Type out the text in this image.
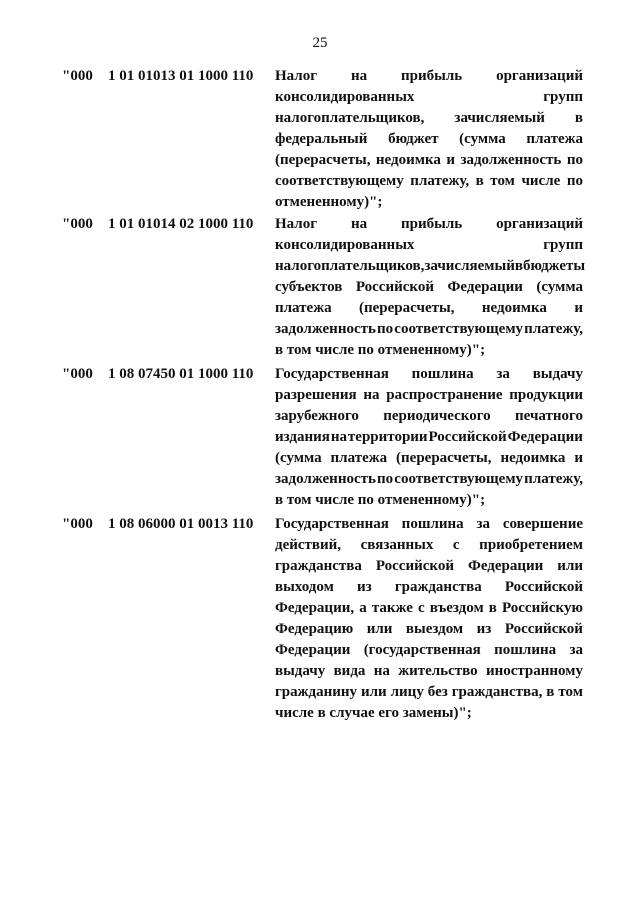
25
"000 1 01 01013 01 1000 110 Налог на прибыль организаций
консолидированных	групп
налогоплательщиков, зачисляемый в
федеральный бюджет (сумма платежа
(перерасчеты, недоимка и задолженность по
соответствующему платежу, в том числе по
отмененному)";
"000 1 01 01014 02 1000 110 Налог на прибыль организаций
консолидированных	групп
налогоплательщиков, зачисляемый в бюджеты
субъектов Российской Федерации (сумма
платежа (перерасчеты, недоимка и
задолженность по соответствующему платежу,
в том числе по отмененному)";
"000 1 08 07450 01 1000 110 Государственная пошлина за выдачу
разрешения на распространение продукции
зарубежного периодического печатного
издания на территории Российской Федерации
(сумма платежа (перерасчеты, недоимка и
задолженность по соответствующему платежу,
в том числе по отмененному)";
"000 1 08 06000 01 0013 110 Государственная пошлина за совершение
действий, связанных с приобретением
гражданства Российской Федерации или
выходом из гражданства Российской
Федерации, а также с въездом в Российскую
Федерацию или выездом из Российской
Федерации (государственная пошлина за
выдачу вида на жительство иностранному
гражданину или лицу без гражданства, в том
числе в случае его замены)";
